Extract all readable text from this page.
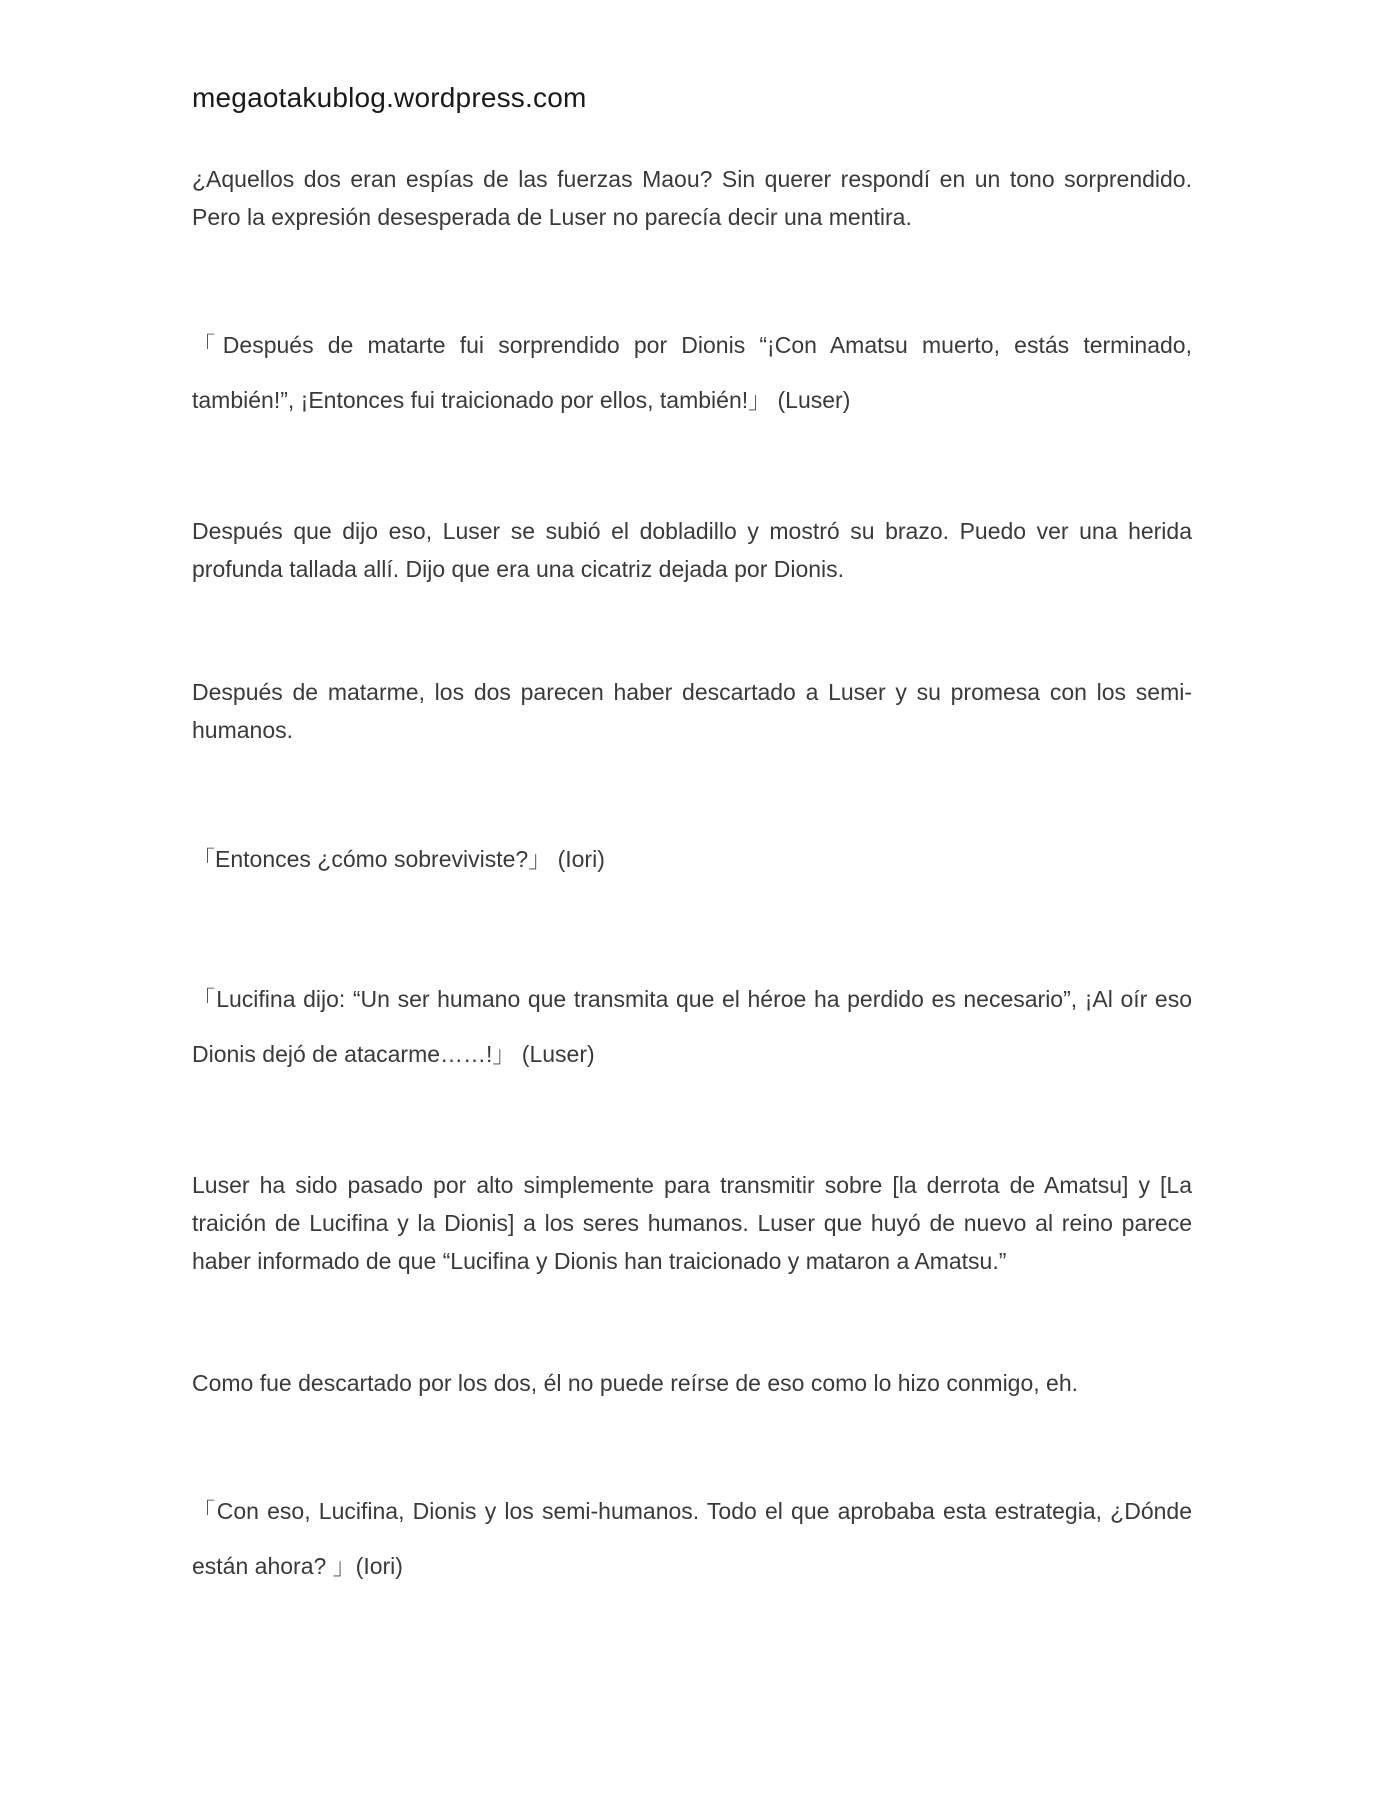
megaotakublog.wordpress.com

¿Aquellos dos eran espías de las fuerzas Maou? Sin querer respondí en un tono sorprendido. Pero la expresión desesperada de Luser no parecía decir una mentira.

「Después de matarte fui sorprendido por Dionis “¡Con Amatsu muerto, estás terminado, también!”, ¡Entonces fui traicionado por ellos, también!」 (Luser)

Después que dijo eso, Luser se subió el dobladillo y mostró su brazo. Puedo ver una herida profunda tallada allí. Dijo que era una cicatriz dejada por Dionis.

Después de matarme, los dos parecen haber descartado a Luser y su promesa con los semi-humanos.

「Entonces ¿cómo sobreviviste?」 (Iori)

「Lucifina dijo: “Un ser humano que transmita que el héroe ha perdido es necesario”, ¡Al oír eso Dionis dejó de atacarme……!」 (Luser)

Luser ha sido pasado por alto simplemente para transmitir sobre [la derrota de Amatsu] y [La traición de Lucifina y la Dionis] a los seres humanos. Luser que huyó de nuevo al reino parece haber informado de que “Lucifina y Dionis han traicionado y mataron a Amatsu.”

Como fue descartado por los dos, él no puede reírse de eso como lo hizo conmigo, eh.

「Con eso, Lucifina, Dionis y los semi-humanos. Todo el que aprobaba esta estrategia, ¿Dónde están ahora? 」(Iori)
